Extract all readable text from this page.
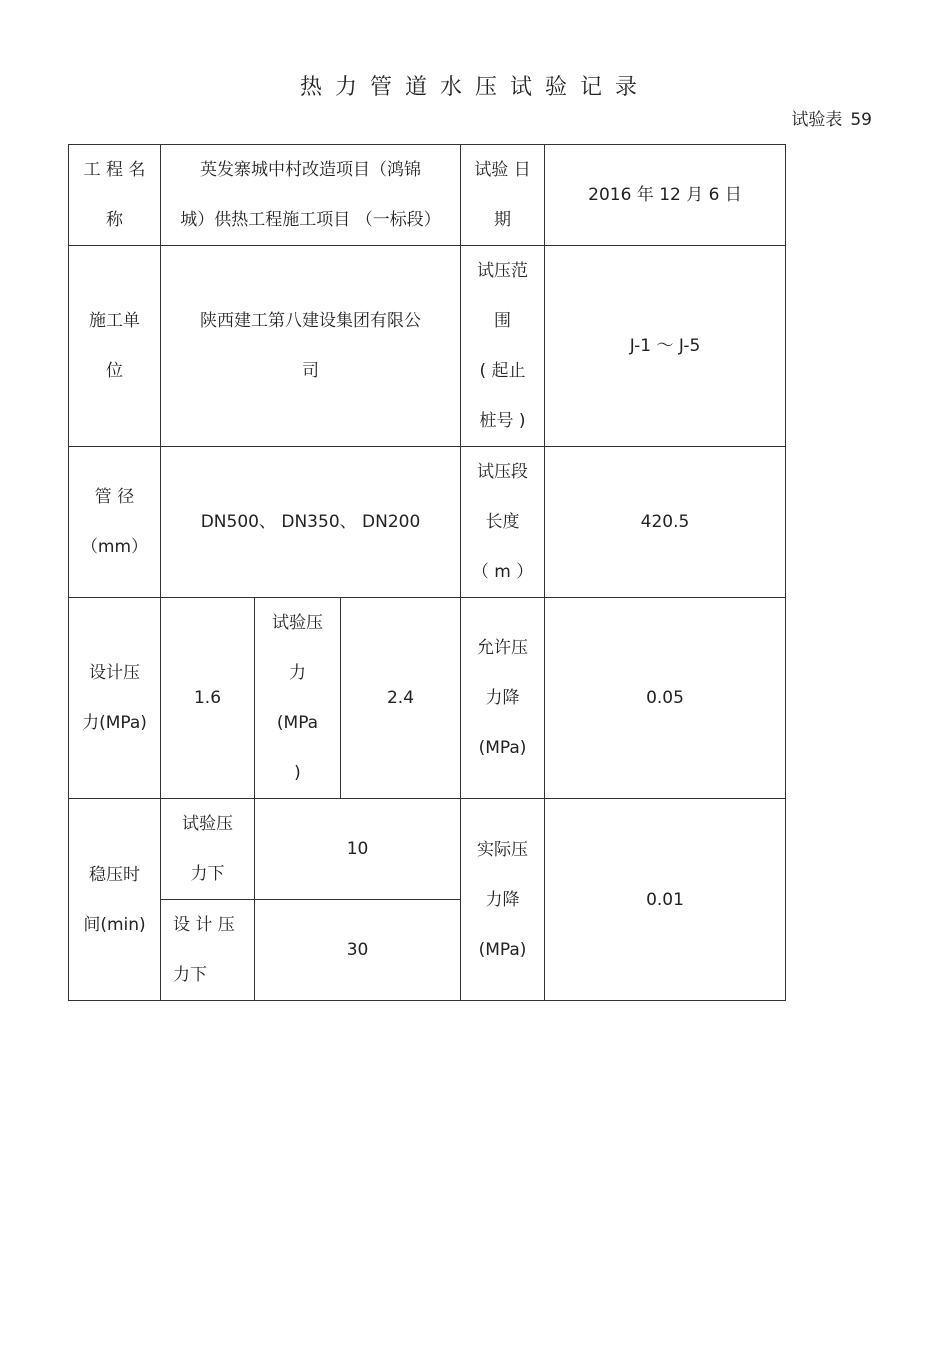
热力管道水压试验记录
试验表 59
工 程 名
称	英发寨城中村改造项目（鸿锦
城）供热工程施工项目 （一标段）			试验 日
期	2016 年 12 月 6 日

施工单
位	陕西建工第八建设集团有限公
司			试压范
围
( 起止
桩号 )	J-1 ～ J-5

管 径
（mm）	DN500、 DN350、 DN200			试压段
长度
（ m ）	420.5

设计压
力(MPa)	1.6	试验压
力
(MPa
)	2.4	允许压
力降
(MPa)	0.05

稳压时
间(min)	试验压
力下	10		实际压
力降
(MPa)	0.01

	设 计 压
力下	30			
